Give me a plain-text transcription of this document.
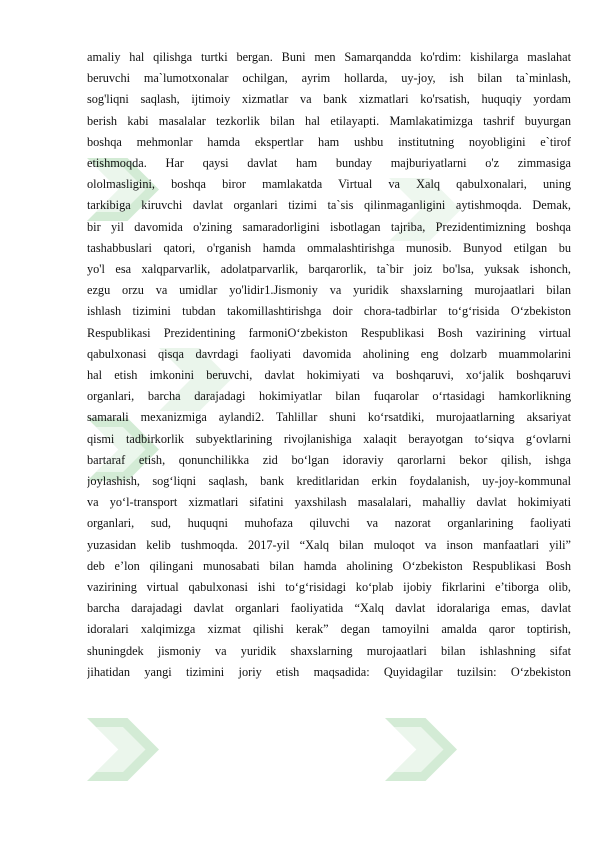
amaliy hal qilishga turtki bergan. Buni men Samarqandda ko'rdim: kishilarga maslahat
beruvchi ma`lumotxonalar ochilgan, ayrim hollarda, uy-joy, ish bilan ta`minlash,
sog'liqni saqlash, ijtimoiy xizmatlar va bank xizmatlari ko'rsatish, huquqiy yordam
berish kabi masalalar tezkorlik bilan hal etilayapti. Mamlakatimizga tashrif buyurgan
boshqa mehmonlar hamda ekspertlar ham ushbu institutning noyobligini e`tirof
etishmoqda. Har qaysi davlat ham bunday majburiyatlarni o'z zimmasiga
ololmasligini, boshqa biror mamlakatda Virtual va Xalq qabulxonalari, uning
tarkibiga kiruvchi davlat organlari tizimi ta`sis qilinmaganligini aytishmoqda. Demak,
bir yil davomida o'zining samaradorligini isbotlagan tajriba, Prezidentimizning boshqa
tashabbuslari qatori, o'rganish hamda ommalashtirishga munosib. Bunyod etilgan bu
yo'l esa xalqparvarlik, adolatparvarlik, barqarorlik, ta`bir joiz bo'lsa, yuksak ishonch,
ezgu orzu va umidlar yo'lidir1.Jismoniy va yuridik shaxslarning murojaatlari bilan
ishlash tizimini tubdan takomillashtirishga doir chora-tadbirlar to‘g‘risida O‘zbekiston
Respublikasi Prezidentining farmoniO‘zbekiston Respublikasi Bosh vazirining virtual
qabulxonasi qisqa davrdagi faoliyati davomida aholining eng dolzarb muammolarini
hal etish imkonini beruvchi, davlat hokimiyati va boshqaruvi, xo‘jalik boshqaruvi
organlari, barcha darajadagi hokimiyatlar bilan fuqarolar o‘rtasidagi hamkorlikning
samarali mexanizmiga aylandi2. Tahlillar shuni ko‘rsatdiki, murojaatlarning aksariyat
qismi tadbirkorlik subyektlarining rivojlanishiga xalaqit berayotgan to‘siqva g‘ovlarni
bartaraf etish, qonunchilikka zid bo‘lgan idoraviy qarorlarni bekor qilish, ishga
joylashish, sog‘liqni saqlash, bank kreditlaridan erkin foydalanish, uy-joy-kommunal
va yo‘l-transport xizmatlari sifatini yaxshilash masalalari, mahalliy davlat hokimiyati
organlari, sud, huquqni muhofaza qiluvchi va nazorat organlarining faoliyati
yuzasidan kelib tushmoqda. 2017-yil “Xalq bilan muloqot va inson manfaatlari yili”
deb e’lon qilingani munosabati bilan hamda aholining O‘zbekiston Respublikasi Bosh
vazirining virtual qabulxonasi ishi to‘g‘risidagi ko‘plab ijobiy fikrlarini e’tiborga olib,
barcha darajadagi davlat organlari faoliyatida “Xalq davlat idoralariga emas, davlat
idoralari xalqimizga xizmat qilishi kerak” degan tamoyilni amalda qaror toptirish,
shuningdek jismoniy va yuridik shaxslarning murojaatlari bilan ishlashning sifat
jihatidan yangi tizimini joriy etish maqsadida: Quyidagilar tuzilsin: O‘zbekiston
